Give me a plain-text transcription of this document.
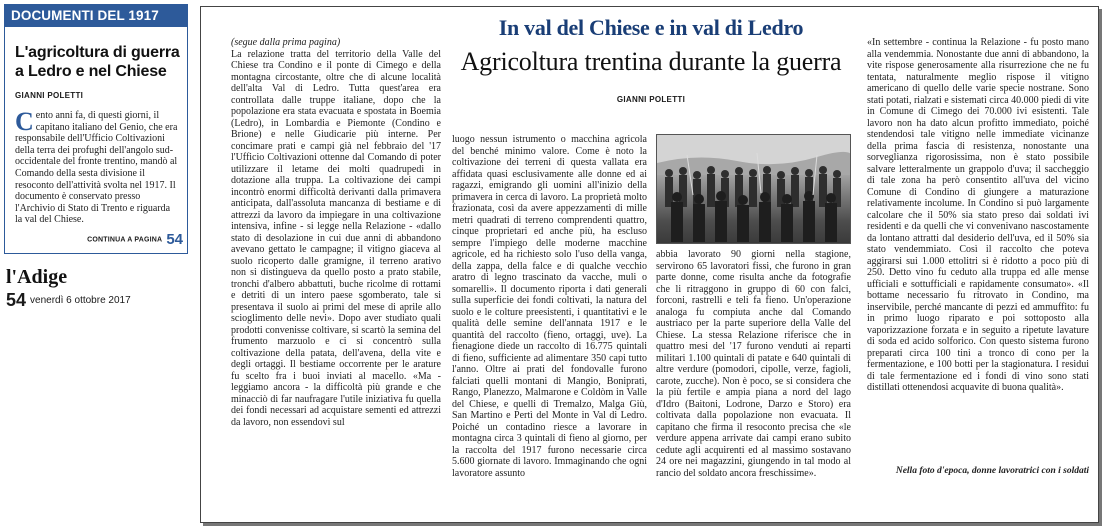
DOCUMENTI DEL 1917
L'agricoltura di guerra a Ledro e nel Chiese
GIANNI POLETTI
Cento anni fa, di questi giorni, il capitano italiano del Genio, che era responsabile dell'Ufficio Coltivazioni della terra dei profughi dell'angolo sud-occidentale del fronte trentino, mandò al Comando della sesta divisione il resoconto dell'attività svolta nel 1917. Il documento è conservato presso l'Archivio di Stato di Trento e riguarda la val del Chiese.
CONTINUA A PAGINA 54
l'Adige
54 venerdì 6 ottobre 2017

(segue dalla prima pagina)

La relazione tratta del territorio della Valle del Chiese tra Condino e il ponte di Cimego e della montagna circostante, oltre che di alcune località dell'alta Val di Ledro. Tutta quest'area era controllata dalle truppe italiane, dopo che la popolazione era stata evacuata e spostata in Boemia (Ledro), in Lombardia e Piemonte (Condino e Brione) e nelle Giudicarie più interne. Per concimare prati e campi già nel febbraio del '17 l'Ufficio Coltivazioni ottenne dal Comando di poter utilizzare il letame dei molti quadrupedi in dotazione alla truppa. La coltivazione dei campi incontrò enormi difficoltà derivanti dalla primavera anticipata, dall'assoluta mancanza di bestiame e di attrezzi da lavoro da impiegare in una coltivazione intensiva, infine - si legge nella Relazione - «dallo stato di desolazione in cui due anni di abbandono avevano gettato le campagne; il vitigno giaceva al suolo ricoperto dalle gramigne, il terreno arativo non si distingueva da quello posto a prato stabile, tronchi d'albero abbattuti, buche ricolme di rottami e detriti di un intero paese sgomberato, tale si presentava il suolo ai primi del mese di aprile allo scioglimento delle nevi». Dopo aver studiato quali prodotti convenisse coltivare, si scartò la semina del frumento marzuolo e ci si concentrò sulla coltivazione della patata, dell'avena, della vite e degli ortaggi. Il bestiame occorrente per le arature fu scelto fra i buoi inviati al macello. «Ma - leggiamo ancora - la difficoltà più grande e che minacciò di far naufragare l'utile iniziativa fu quella dei fondi necessari ad acquistare sementi ed attrezzi da lavoro, non essendovi sul

In val del Chiese e in val di Ledro
Agricoltura trentina durante la guerra
GIANNI POLETTI

luogo nessun istrumento o macchina agricola del benché minimo valore. Come è noto la coltivazione dei terreni di questa vallata era affidata quasi esclusivamente alle donne ed ai ragazzi, emigrando gli uomini all'inizio della primavera in cerca di lavoro. La proprietà molto frazionata, così da avere appezzamenti di mille metri quadrati di terreno comprendenti quattro, cinque proprietari ed anche più, ha escluso sempre l'impiego delle moderne macchine agricole, ed ha richiesto solo l'uso della vanga, della zappa, della falce e di qualche vecchio aratro di legno trascinato da vacche, muli o somarelli». Il documento riporta i dati generali sulla superficie dei fondi coltivati, la natura del suolo e le colture preesistenti, i quantitativi e le qualità delle semine dell'annata 1917 e le quantità del raccolto (fieno, ortaggi, uve). La fienagione diede un raccolto di 16.775 quintali di fieno, sufficiente ad alimentare 350 capi tutto l'anno. Oltre ai prati del fondovalle furono falciati quelli montani di Mangio, Boniprati, Rango, Planezzo, Malmarone e Coldòm in Valle del Chiese, e quelli di Tremalzo, Malga Giù, San Martino e Pertì del Monte in Val di Ledro. Poiché un contadino riesce a lavorare in montagna circa 3 quintali di fieno al giorno, per la raccolta del 1917 furono necessarie circa 5.600 giornate di lavoro. Immaginando che ogni lavoratore assunto

abbia lavorato 90 giorni nella stagione, servirono 65 lavoratori fissi, che furono in gran parte donne, come risulta anche da fotografie che li ritraggono in gruppo di 60 con falci, forconi, rastrelli e teli fa fieno. Un'operazione analoga fu compiuta anche dal Comando austriaco per la parte superiore della Valle del Chiese. La stessa Relazione riferisce che in quattro mesi del '17 furono venduti ai reparti militari 1.100 quintali di patate e 640 quintali di altre verdure (pomodori, cipolle, verze, fagioli, carote, zucche). Non è poco, se si considera che la più fertile e ampia piana a nord del lago d'Idro (Baitoni, Lodrone, Darzo e Storo) era coltivata dalla popolazione non evacuata. Il capitano che firma il resoconto precisa che «le verdure appena arrivate dai campi erano subito cedute agli acquirenti ed al massimo sostavano 24 ore nei magazzini, giungendo in tal modo al rancio del soldato ancora freschissime».

«In settembre - continua la Relazione - fu posto mano alla vendemmia. Nonostante due anni di abbandono, la vite rispose generosamente alla risurrezione che ne fu tentata, naturalmente meglio rispose il vitigno americano di quello delle varie specie nostrane. Sono stati potati, rialzati e sistemati circa 40.000 piedi di vite in Comune di Cimego dei 70.000 ivi esistenti. Tale lavoro non ha dato alcun profitto immediato, poiché stendendosi tale vitigno nelle immediate vicinanze della prima fascia di resistenza, nonostante una sorveglianza rigorosissima, non è stato possibile salvare letteralmente un grappolo d'uva; il saccheggio di tale zona ha però consentito all'uva del vicino Comune di Condino di giungere a maturazione relativamente incolume. In Condino si può largamente calcolare che il 50% sia stato preso dai soldati ivi residenti e da quelli che vi convenivano nascostamente da lontano attratti dal desiderio dell'uva, ed il 50% sia stato vendemmiato. Così il raccolto che poteva aggirarsi sui 1.000 ettolitri si è ridotto a poco più di 250. Detto vino fu ceduto alla truppa ed alle mense ufficiali e sottufficiali e rapidamente consumato». «Il bottame necessario fu ritrovato in Condino, ma inservibile, perché mancante di pezzi ed ammuffito: fu in primo luogo riparato e poi sottoposto alla vaporizzazione forzata e in seguito a ripetute lavature di soda ed acido solforico. Con questo sistema furono preparati circa 100 tini a tronco di cono per la fermentazione, e 100 botti per la stagionatura. I residui di tale fermentazione ed i fondi di vino sono stati distillati ottenendosi acquavite di buona qualità».

Nella foto d'epoca, donne lavoratrici con i soldati
